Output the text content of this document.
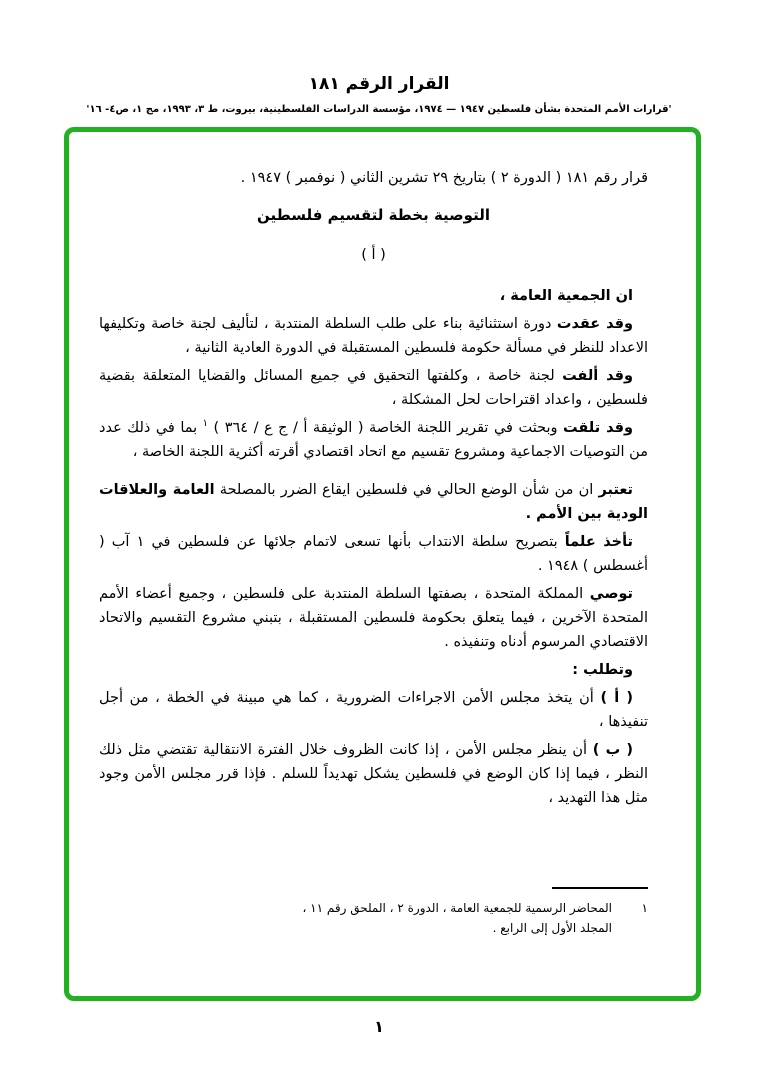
القرار الرقم ١٨١
'قرارات الأمم المتحدة بشأن فلسطين ١٩٤٧ — ١٩٧٤، مؤسسة الدراسات الفلسطينية، بيروت، ط ٣، ١٩٩٣، مج ١، ص٤- ١٦'

قرار رقم ١٨١ ( الدورة ٢ ) بتاريخ ٢٩ تشرين الثاني ( نوفمبر ) ١٩٤٧ .

التوصية بخطة لتقسيم فلسطين
( أ )

ان الجمعية العامة ،

وقد عقدت دورة استثنائية بناء على طلب السلطة المنتدبة ، لتأليف لجنة خاصة وتكليفها الاعداد للنظر في مسألة حكومة فلسطين المستقبلة في الدورة العادية الثانية ،

وقد ألفت لجنة خاصة ، وكلفتها التحقيق في جميع المسائل والقضايا المتعلقة بقضية فلسطين ، واعداد اقتراحات لحل المشكلة ،

وقد تلقت وبحثت في تقرير اللجنة الخاصة ( الوثيقة أ / ج ع / ٣٦٤ ) $^١$ بما في ذلك عدد من التوصيات الاجماعية ومشروع تقسيم مع اتحاد اقتصادي أقرته أكثرية اللجنة الخاصة ،

تعتبر ان من شأن الوضع الحالي في فلسطين ايقاع الضرر بالمصلحة العامة والعلاقات الودية بين الأمم .

تأخذ علماً بتصريح سلطة الانتداب بأنها تسعى لاتمام جلائها عن فلسطين في ١ آب ( أغسطس ) ١٩٤٨ .

توصي المملكة المتحدة ، بصفتها السلطة المنتدبة على فلسطين ، وجميع أعضاء الأمم المتحدة الآخرين ، فيما يتعلق بحكومة فلسطين المستقبلة ، بتبني مشروع التقسيم والاتحاد الاقتصادي المرسوم أدناه وتنفيذه .

وتطلب :

( أ ) أن يتخذ مجلس الأمن الاجراءات الضرورية ، كما هي مبينة في الخطة ، من أجل تنفيذها ،

( ب ) أن ينظر مجلس الأمن ، إذا كانت الظروف خلال الفترة الانتقالية تقتضي مثل ذلك النظر ، فيما إذا كان الوضع في فلسطين يشكل تهديداً للسلم . فإذا قرر مجلس الأمن وجود مثل هذا التهديد ،

١
المحاضر الرسمية للجمعية العامة ، الدورة ٢ ، الملحق رقم ١١ ، المجلد الأول إلى الرابع .
١
